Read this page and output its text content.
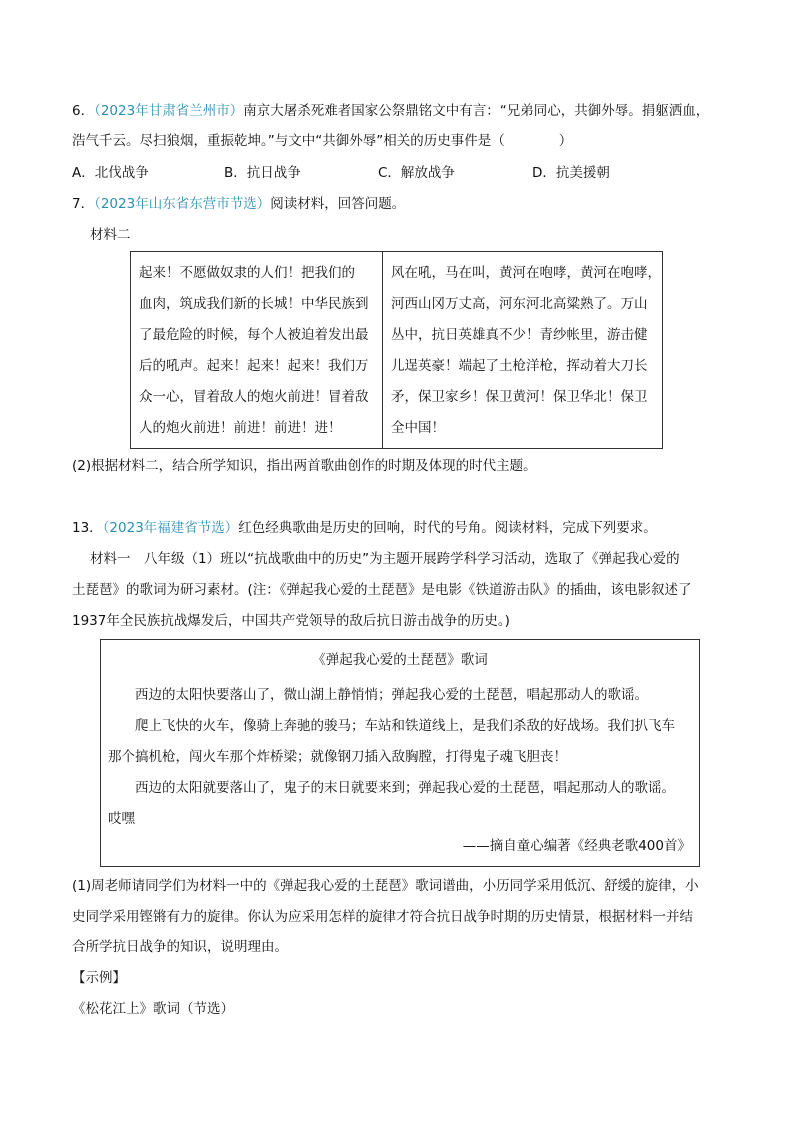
6．（2023年甘肃省兰州市）南京大屠杀死难者国家公祭鼎铭文中有言：“兄弟同心，共御外辱。捐躯洒血，
浩气千云。尽扫狼烟，重振乾坤。”与文中“共御外辱”相关的历史事件是（　　　　）
A．北伐战争	B．抗日战争	C．解放战争	D．抗美援朝
7．（2023年山东省东营市节选）阅读材料，回答问题。
材料二

起来！不愿做奴隶的人们！把我们的

血肉，筑成我们新的长城！中华民族到

了最危险的时候，每个人被迫着发出最

后的吼声。起来！起来！起来！我们万

众一心，冒着敌人的炮火前进！冒着敌

人的炮火前进！前进！前进！进！

风在吼，马在叫，黄河在咆哮，黄河在咆哮，

河西山冈万丈高，河东河北高粱熟了。万山

丛中，抗日英雄真不少！青纱帐里，游击健

儿逞英豪！端起了土枪洋枪，挥动着大刀长

矛，保卫家乡！保卫黄河！保卫华北！保卫

全中国！

(2)根据材料二，结合所学知识，指出两首歌曲创作的时期及体现的时代主题。
13．（2023年福建省节选）红色经典歌曲是历史的回响，时代的号角。阅读材料，完成下列要求。
材料一　八年级（1）班以“抗战歌曲中的历史”为主题开展跨学科学习活动，选取了《弹起我心爱的
土琵琶》的歌词为研习素材。(注：《弹起我心爱的土琵琶》是电影《铁道游击队》的插曲，该电影叙述了
1937年全民族抗战爆发后，中国共产党领导的敌后抗日游击战争的历史。)
《弹起我心爱的土琵琶》歌词

　　西边的太阳快要落山了，微山湖上静悄悄；弹起我心爱的土琵琶，唱起那动人的歌谣。

　　爬上飞快的火车，像骑上奔驰的骏马；车站和铁道线上，是我们杀敌的好战场。我们扒飞车

那个搞机枪，闯火车那个炸桥梁；就像钢刀插入敌胸膛，打得鬼子魂飞胆丧！

　　西边的太阳就要落山了，鬼子的末日就要来到；弹起我心爱的土琵琶，唱起那动人的歌谣。

哎嘿

——摘自童心编著《经典老歌400首》
(1)周老师请同学们为材料一中的《弹起我心爱的土琵琶》歌词谱曲，小历同学采用低沉、舒缓的旋律，小
史同学采用铿锵有力的旋律。你认为应采用怎样的旋律才符合抗日战争时期的历史情景，根据材料一并结
合所学抗日战争的知识，说明理由。
【示例】
《松花江上》歌词（节选）
